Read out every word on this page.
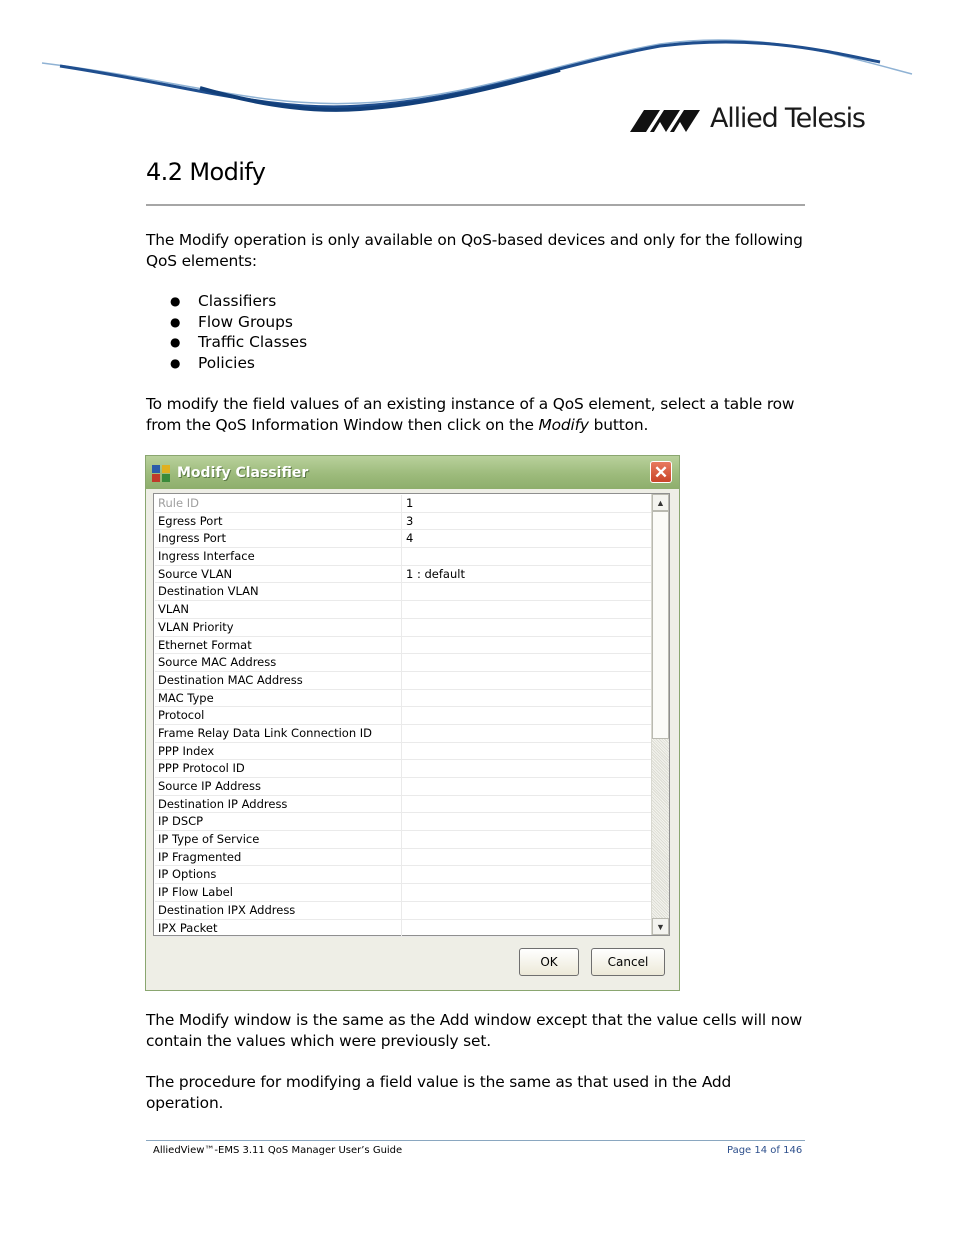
Allied Telesis
4.2 Modify

The Modify operation is only available on QoS-based devices and only for the following QoS elements:

●	Classifiers
●	Flow Groups
●	Traffic Classes
●	Policies

To modify the field values of an existing instance of a QoS element, select a table row from the QoS Information Window then click on the Modify button.

Modify Classifier	✕
Rule ID	1
Egress Port	3
Ingress Port	4
Ingress Interface
Source VLAN	1 : default
Destination VLAN
VLAN
VLAN Priority
Ethernet Format
Source MAC Address
Destination MAC Address
MAC Type
Protocol
Frame Relay Data Link Connection ID
PPP Index
PPP Protocol ID
Source IP Address
Destination IP Address
IP DSCP
IP Type of Service
IP Fragmented
IP Options
IP Flow Label
Destination IPX Address
IPX Packet
▲
▼
OK	Cancel

The Modify window is the same as the Add window except that the value cells will now contain the values which were previously set.

The procedure for modifying a field value is the same as that used in the Add operation.

AlliedView™-EMS 3.11 QoS Manager User’s Guide	Page 14 of 146
